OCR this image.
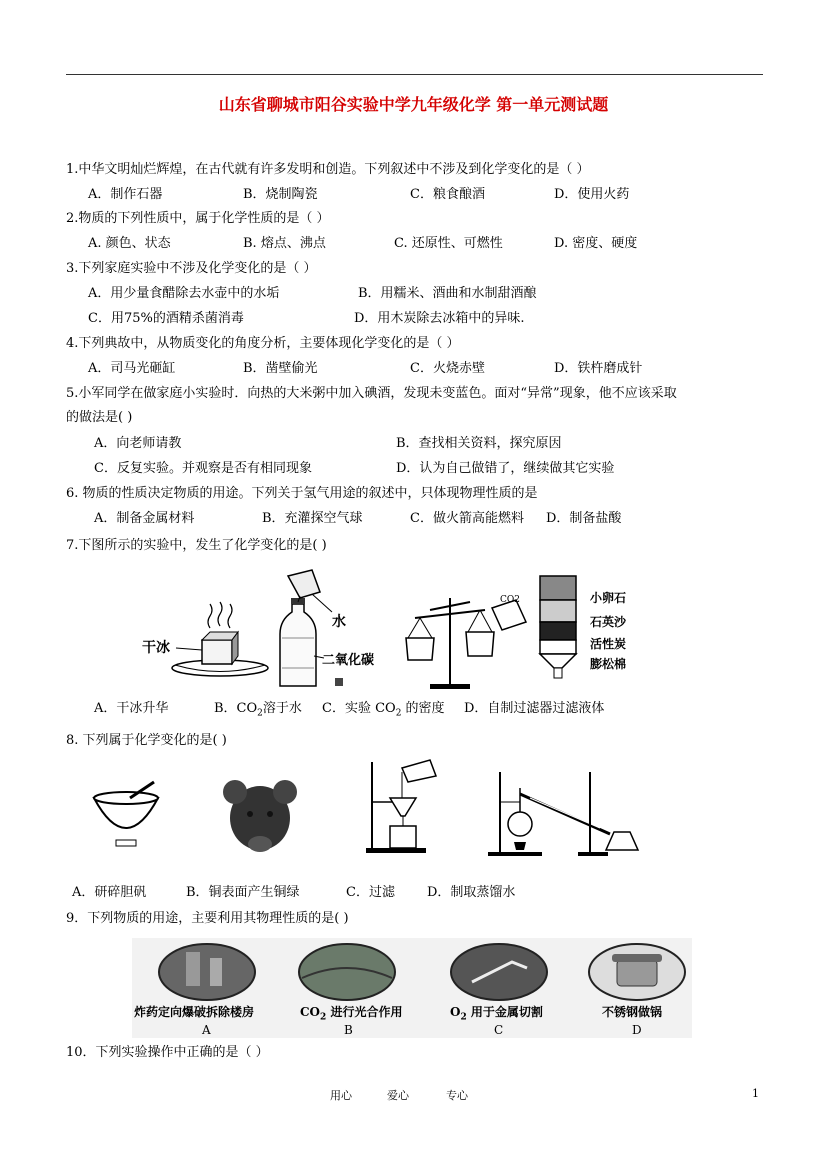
山东省聊城市阳谷实验中学九年级化学 第一单元测试题
1.中华文明灿烂辉煌，在古代就有许多发明和创造。下列叙述中不涉及到化学变化的是（ ）
A．制作石器	B．烧制陶瓷	C．粮食酿酒	D．使用火药
2.物质的下列性质中，属于化学性质的是（ ）
A. 颜色、状态	B. 熔点、沸点	C. 还原性、可燃性	D. 密度、硬度
3.下列家庭实验中不涉及化学变化的是（ ）
A．用少量食醋除去水壶中的水垢	B．用糯米、酒曲和水制甜酒酿
C．用75%的酒精杀菌消毒	D．用木炭除去冰箱中的异味.
4.下列典故中，从物质变化的角度分析，主要体现化学变化的是（ ）
A．司马光砸缸	B．凿壁偷光	C．火烧赤壁	D．铁杵磨成针
5.小军同学在做家庭小实验时．向热的大米粥中加入碘酒，发现未变蓝色。面对“异常”现象，他不应该采取
的做法是( )
A．向老师请教	B．查找相关资料，探究原因
C．反复实验。并观察是否有相同现象	D．认为自己做错了，继续做其它实验
6. 物质的性质决定物质的用途。下列关于氢气用途的叙述中，只体现物理性质的是
A．制备金属材料	B．充灌探空气球	C．做火箭高能燃料 D．制备盐酸
7.下图所示的实验中，发生了化学变化的是( )
干冰
水
二氧化碳
CO2	小卵石
石英沙
活性炭
膨松棉
A．干冰升华	B．$CO_2$溶于水 C．实验 $CO_2$ 的密度 D．自制过滤器过滤液体
8. 下列属于化学变化的是( )
A．研碎胆矾	B．铜表面产生铜绿	C．过滤 D．制取蒸馏水
9．下列物质的用途，主要利用其物理性质的是( )
炸药定向爆破拆除楼房	$CO_2$ 进行光合作用	$O_2$ 用于金属切割	不锈钢做锅
A	B	C	D
10．下列实验操作中正确的是（ ）
用心	爱心	专心	1
